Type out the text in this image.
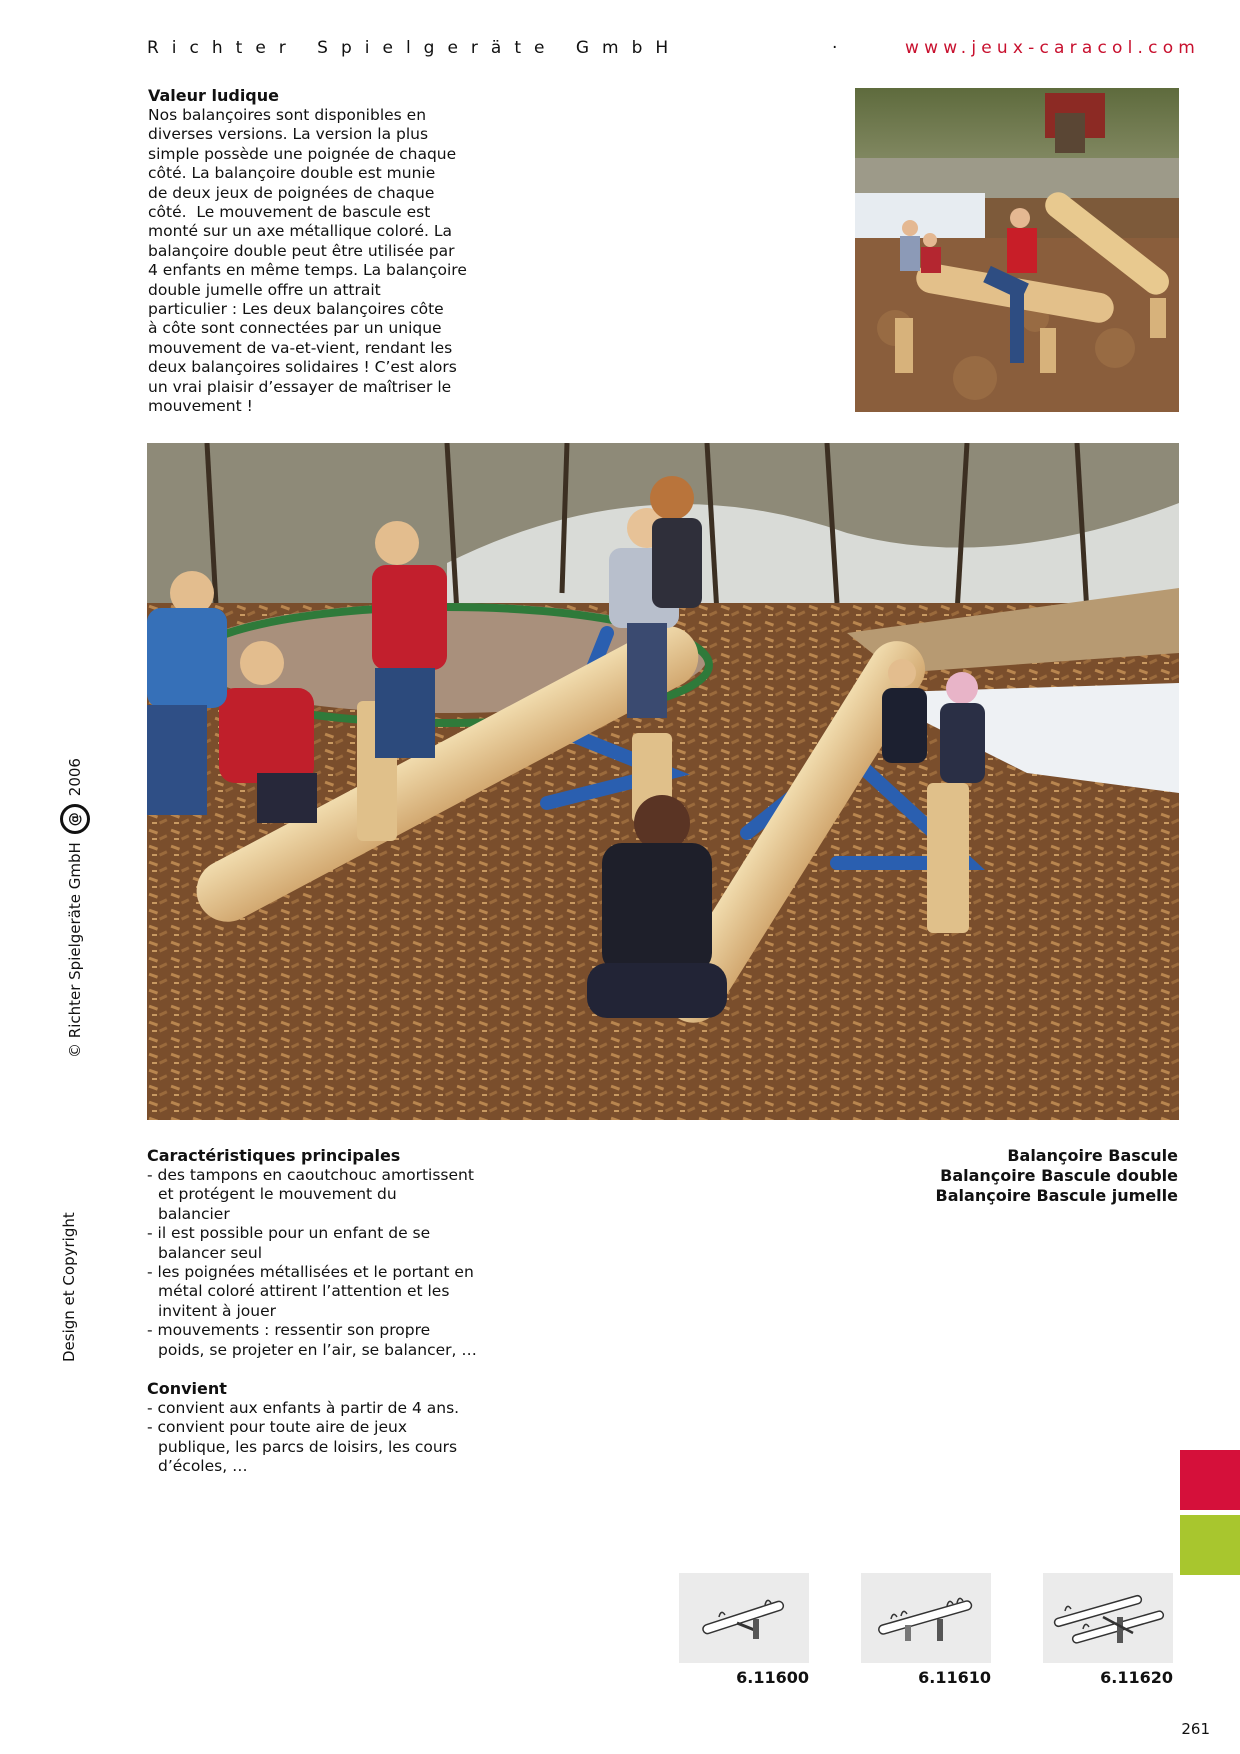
Richter Spielgeräte GmbH	·	www.jeux-caracol.com
Valeur ludique
Nos balançoires sont disponibles en
diverses versions. La version la plus
simple possède une poignée de chaque
côté. La balançoire double est munie
de deux jeux de poignées de chaque
côté.  Le mouvement de bascule est
monté sur un axe métallique coloré. La
balançoire double peut être utilisée par
4 enfants en même temps. La balançoire
double jumelle offre un attrait
particulier : Les deux balançoires côte
à côte sont connectées par un unique
mouvement de va-et-vient, rendant les
deux balançoires solidaires ! C’est alors
un vrai plaisir d’essayer de maîtriser le
mouvement !
Caractéristiques principales
- des tampons en caoutchouc amortissent
et protégent le mouvement du
balancier
- il est possible pour un enfant de se
balancer seul
- les poignées métallisées et le portant en
métal coloré attirent l’attention et les
invitent à jouer
- mouvements : ressentir son propre
poids, se projeter en l’air, se balancer, …
Convient
- convient aux enfants à partir de 4 ans.
- convient pour toute aire de jeux
publique, les parcs de loisirs, les cours
d’écoles, …
Balançoire Bascule
Balançoire Bascule double
Balançoire Bascule jumelle
© Richter Spielgeräte GmbH
@
2006
Design et Copyright
6.11600	6.11610	6.11620
261
